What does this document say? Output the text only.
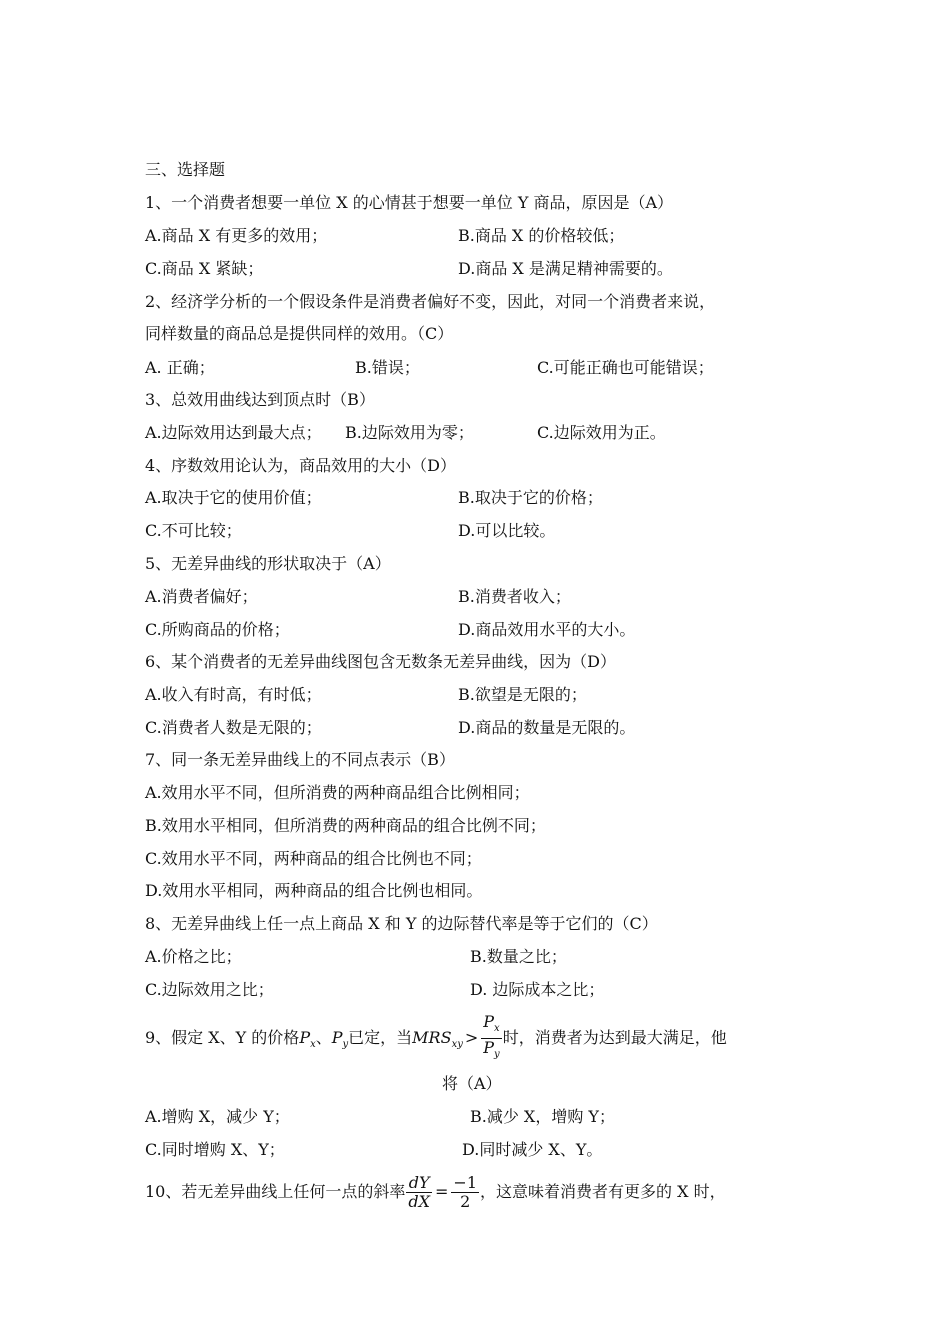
三、选择题
1、一个消费者想要一单位 X 的心情甚于想要一单位 Y 商品，原因是（A）
A.商品 X 有更多的效用；	B.商品 X 的价格较低；
C.商品 X 紧缺；	D.商品 X 是满足精神需要的。
2、经济学分析的一个假设条件是消费者偏好不变，因此，对同一个消费者来说，
同样数量的商品总是提供同样的效用。（C）
A. 正确；	B.错误；	C.可能正确也可能错误；
3、总效用曲线达到顶点时（B）
A.边际效用达到最大点； B.边际效用为零；	C.边际效用为正。
4、序数效用论认为，商品效用的大小（D）
A.取决于它的使用价值；	B.取决于它的价格；
C.不可比较；	D.可以比较。
5、无差异曲线的形状取决于（A）
A.消费者偏好；	B.消费者收入；
C.所购商品的价格；	D.商品效用水平的大小。
6、某个消费者的无差异曲线图包含无数条无差异曲线，因为（D）
A.收入有时高，有时低；	B.欲望是无限的；
C.消费者人数是无限的；	D.商品的数量是无限的。
7、同一条无差异曲线上的不同点表示（B）
A.效用水平不同，但所消费的两种商品组合比例相同；
B.效用水平相同，但所消费的两种商品的组合比例不同；
C.效用水平不同，两种商品的组合比例也不同；
D.效用水平相同，两种商品的组合比例也相同。
8、无差异曲线上任一点上商品 X 和 Y 的边际替代率是等于它们的（C）
A.价格之比；	B.数量之比；
C.边际效用之比；	D. 边际成本之比；
9、假定 X、Y 的价格$P_x$、$P_y$已定，当$MRS_{xy} > \frac{P_x}{P_y}$ 时，消费者为达到最大满足，他
将（A）
A.增购 X，减少 Y；	B.减少 X，增购 Y；
C.同时增购 X、Y；	D.同时减少 X、Y。
10、若无差异曲线上任何一点的斜率 $\frac{dY}{dX} = \frac{-1}{2}$ ，这意味着消费者有更多的 X 时，
